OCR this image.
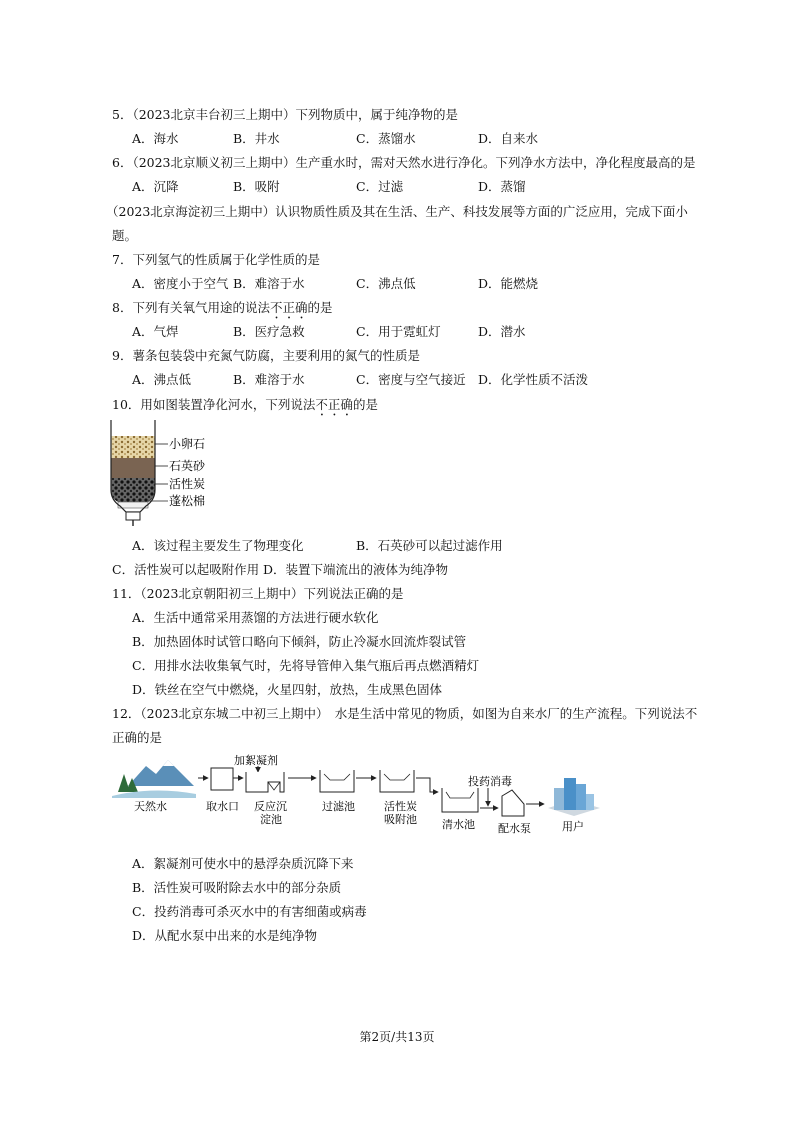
5．（2023北京丰台初三上期中）下列物质中，属于纯净物的是
A．海水	B．井水	C．蒸馏水	D．自来水
6．（2023北京顺义初三上期中）生产重水时，需对天然水进行净化。下列净水方法中，净化程度最高的是
A．沉降	B．吸附	C．过滤	D．蒸馏
（2023北京海淀初三上期中）认识物质性质及其在生活、生产、科技发展等方面的广泛应用，完成下面小
题。
7．下列氢气的性质属于化学性质的是
A．密度小于空气 B．难溶于水	C．沸点低	D．能燃烧
8．下列有关氧气用途的说法不正确的是
A．气焊	B．医疗急救	C．用于霓虹灯	D．潜水
9．薯条包装袋中充氮气防腐，主要利用的氮气的性质是
A．沸点低	B．难溶于水	C．密度与空气接近 D．化学性质不活泼
10．用如图装置净化河水，下列说法不正确的是
小卵石
石英砂
活性炭
蓬松棉
A．该过程主要发生了物理变化	B．石英砂可以起过滤作用
C．活性炭可以起吸附作用 D．装置下端流出的液体为纯净物
11．（2023北京朝阳初三上期中）下列说法正确的是
A．生活中通常采用蒸馏的方法进行硬水软化
B．加热固体时试管口略向下倾斜，防止冷凝水回流炸裂试管
C．用排水法收集氧气时，先将导管伸入集气瓶后再点燃酒精灯
D．铁丝在空气中燃烧，火星四射，放热，生成黑色固体
12．（2023北京东城二中初三上期中）　水是生活中常见的物质，如图为自来水厂的生产流程。下列说法不
正确的是
天然水	取水口
加絮凝剂
反应沉
淀池
过滤池	活性炭
吸附池 清水池
投药消毒
配水泵	用户
A．絮凝剂可使水中的悬浮杂质沉降下来
B．活性炭可吸附除去水中的部分杂质
C．投药消毒可杀灭水中的有害细菌或病毒
D．从配水泵中出来的水是纯净物
第2页/共13页
